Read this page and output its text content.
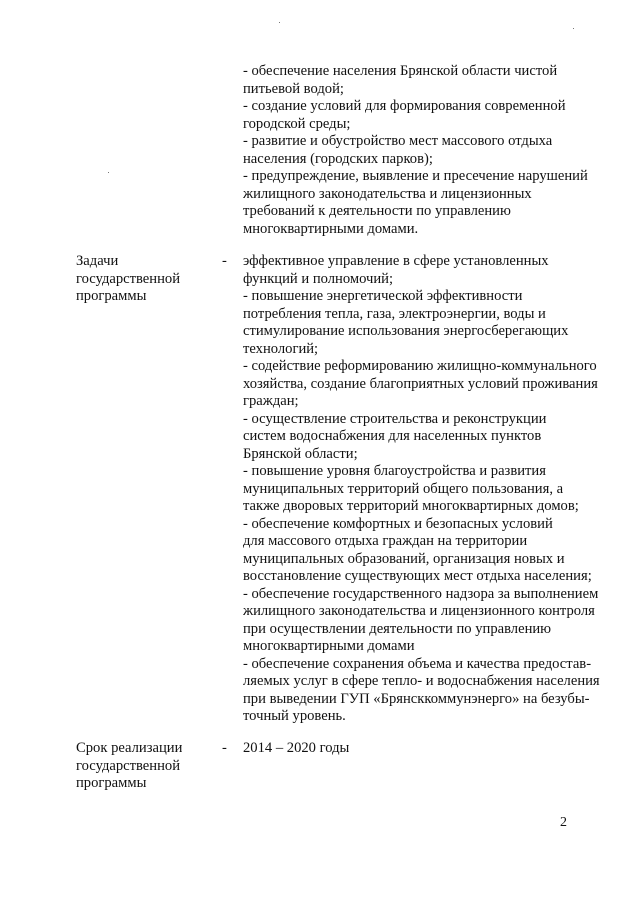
- обеспечение населения Брянской области чистой
питьевой водой;
- создание условий для формирования современной
городской среды;
- развитие и обустройство мест массового отдыха
населения (городских парков);
- предупреждение, выявление и пресечение нарушений
жилищного законодательства и лицензионных
требований к деятельности по управлению
многоквартирными домами.
Задачи
государственной
программы
- эффективное управление в сфере установленных
функций и полномочий;
- повышение энергетической эффективности
потребления тепла, газа, электроэнергии, воды и
стимулирование использования энергосберегающих
технологий;
- содействие реформированию жилищно-коммунального
хозяйства, создание благоприятных условий проживания
граждан;
- осуществление строительства и реконструкции
систем водоснабжения для населенных пунктов
Брянской области;
- повышение уровня благоустройства и развития
муниципальных территорий общего пользования, а
также дворовых территорий многоквартирных домов;
- обеспечение комфортных и безопасных условий
для массового отдыха граждан на территории
муниципальных образований, организация новых и
восстановление существующих мест отдыха населения;
- обеспечение государственного надзора за выполнением
жилищного законодательства и лицензионного контроля
при осуществлении деятельности по управлению
многоквартирными домами
- обеспечение сохранения объема и качества предостав-
ляемых услуг в сфере тепло- и водоснабжения населения
при выведении ГУП «Брянсккоммунэнерго» на безубы-
точный уровень.
Срок реализации
государственной
программы
- 2014 – 2020 годы
2
